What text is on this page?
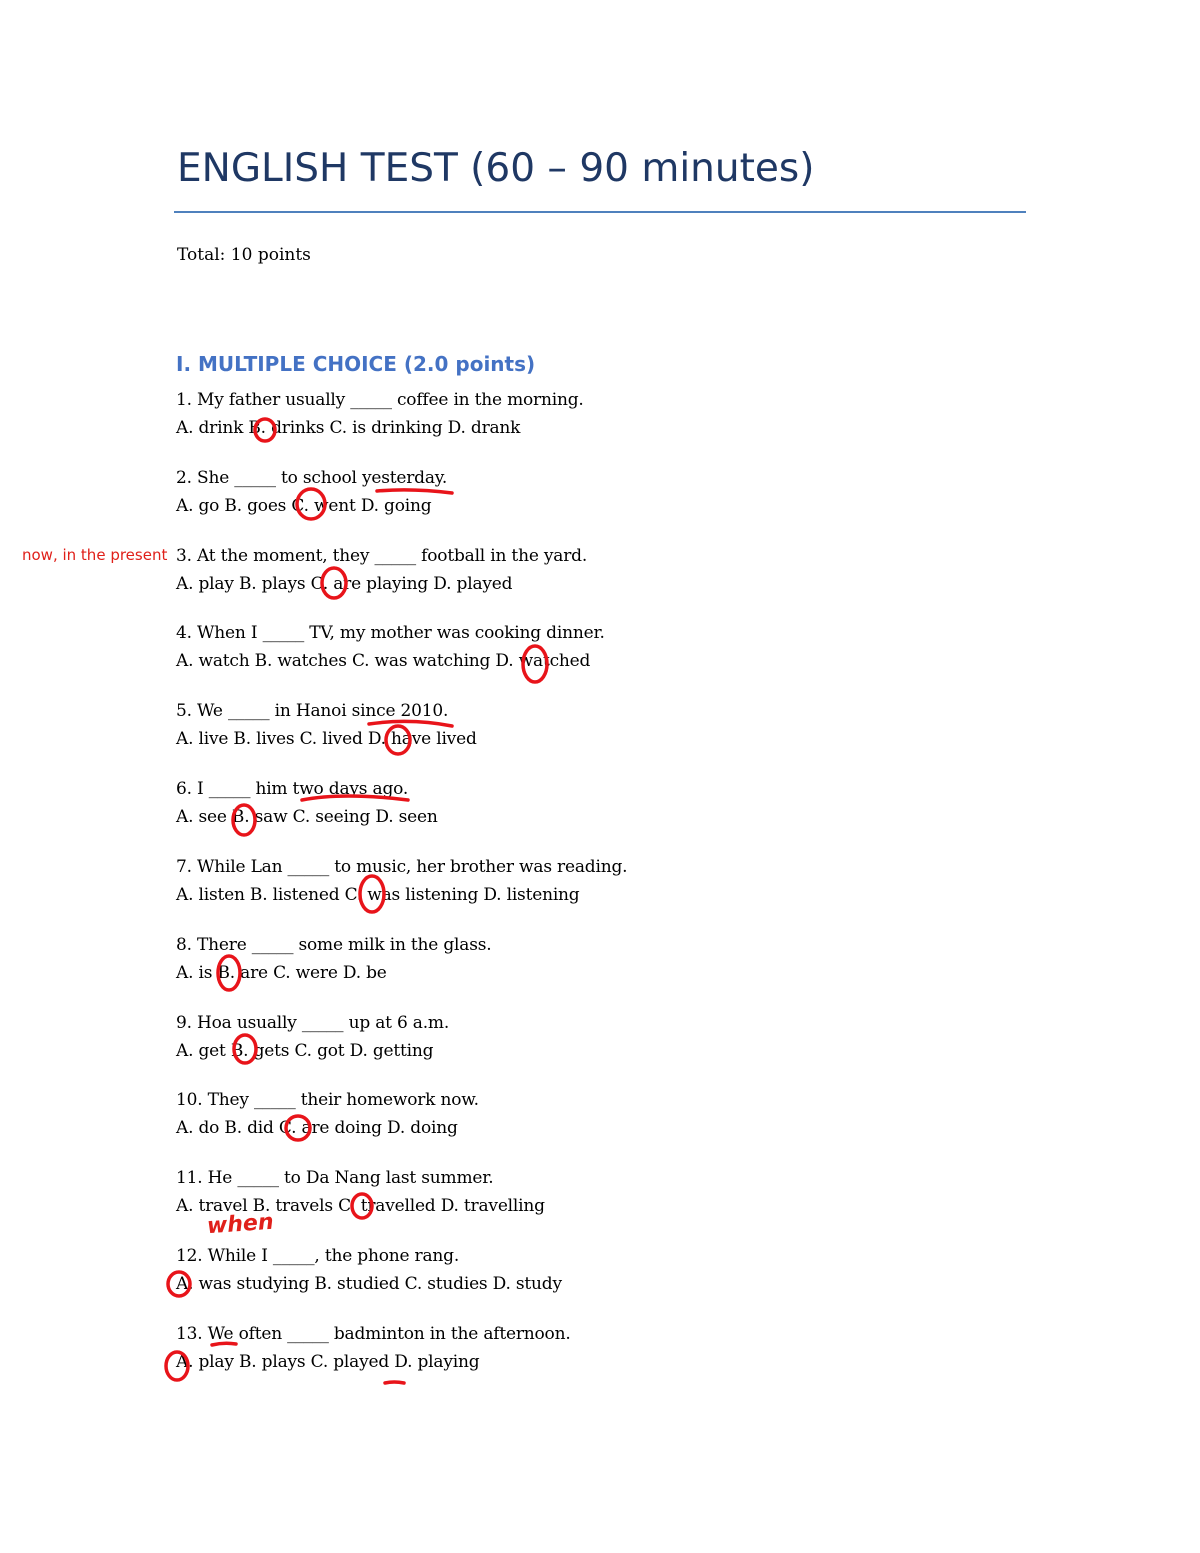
ENGLISH TEST (60 – 90 minutes)
Total: 10 points
I. MULTIPLE CHOICE (2.0 points)
1. My father usually _____ coffee in the morning.
A. drink B. drinks C. is drinking D. drank
2. She _____ to school yesterday.
A. go B. goes C. went D. going
3. At the moment, they _____ football in the yard.
A. play B. plays C. are playing D. played
4. When I _____ TV, my mother was cooking dinner.
A. watch B. watches C. was watching D. watched
5. We _____ in Hanoi since 2010.
A. live B. lives C. lived D. have lived
6. I _____ him two days ago.
A. see B. saw C. seeing D. seen
7. While Lan _____ to music, her brother was reading.
A. listen B. listened C. was listening D. listening
8. There _____ some milk in the glass.
A. is B. are C. were D. be
9. Hoa usually _____ up at 6 a.m.
A. get B. gets C. got D. getting
10. They _____ their homework now.
A. do B. did C. are doing D. doing
11. He _____ to Da Nang last summer.
A. travel B. travels C. travelled D. travelling
12. While I _____, the phone rang.
A. was studying B. studied C. studies D. study
13. We often _____ badminton in the afternoon.
A. play B. plays C. played D. playing
now, in the present
when
